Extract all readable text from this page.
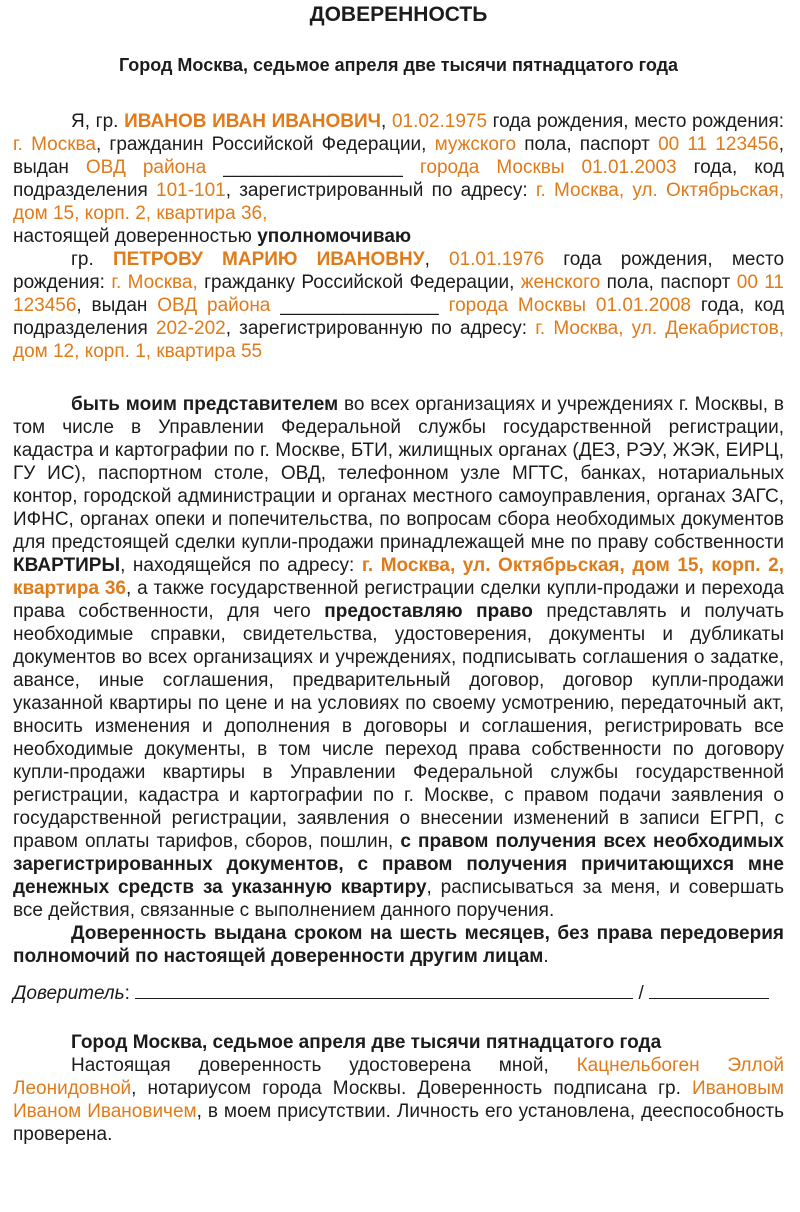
ДОВЕРЕННОСТЬ
Город Москва, седьмое апреля две тысячи пятнадцатого года

Я, гр. ИВАНОВ ИВАН ИВАНОВИЧ, 01.02.1975 года рождения, место рождения: г. Москва, гражданин Российской Федерации, мужского пола, паспорт 00 11 123456, выдан ОВД района _________________ города Москвы 01.01.2003 года, код подразделения 101-101, зарегистрированный по адресу: г. Москва, ул. Октябрьская, дом 15, корп. 2, квартира 36,

настоящей доверенностью уполномочиваю

гр. ПЕТРОВУ МАРИЮ ИВАНОВНУ, 01.01.1976 года рождения, место рождения: г. Москва, гражданку Российской Федерации, женского пола, паспорт 00 11 123456, выдан ОВД района _______________ города Москвы 01.01.2008 года, код подразделения 202-202, зарегистрированную по адресу: г. Москва, ул. Декабристов, дом 12, корп. 1, квартира 55

быть моим представителем во всех организациях и учреждениях г. Москвы, в том числе в Управлении Федеральной службы государственной регистрации, кадастра и картографии по г. Москве, БТИ, жилищных органах (ДЕЗ, РЭУ, ЖЭК, ЕИРЦ, ГУ ИС), паспортном столе, ОВД, телефонном узле МГТС, банках, нотариальных контор, городской администрации и органах местного самоуправления, органах ЗАГС, ИФНС, органах опеки и попечительства, по вопросам сбора необходимых документов для предстоящей сделки купли-продажи принадлежащей мне по праву собственности КВАРТИРЫ, находящейся по адресу: г. Москва, ул. Октябрьская, дом 15, корп. 2, квартира 36, а также государственной регистрации сделки купли-продажи и перехода права собственности, для чего предоставляю право представлять и получать необходимые справки, свидетельства, удостоверения, документы и дубликаты документов во всех организациях и учреждениях, подписывать соглашения о задатке, авансе, иные соглашения, предварительный договор, договор купли-продажи указанной квартиры по цене и на условиях по своему усмотрению, передаточный акт, вносить изменения и дополнения в договоры и соглашения, регистрировать все необходимые документы, в том числе переход права собственности по договору купли-продажи квартиры в Управлении Федеральной службы государственной регистрации, кадастра и картографии по г. Москве, с правом подачи заявления о государственной регистрации, заявления о внесении изменений в записи ЕГРП, с правом оплаты тарифов, сборов, пошлин, с правом получения всех необходимых зарегистрированных документов, с правом получения причитающихся мне денежных средств за указанную квартиру, расписываться за меня, и совершать все действия, связанные с выполнением данного поручения.

Доверенность выдана сроком на шесть месяцев, без права передоверия полномочий по настоящей доверенности другим лицам.

Доверитель:	/

Город Москва, седьмое апреля две тысячи пятнадцатого года

Настоящая доверенность удостоверена мной, Кацнельбоген Эллой Леонидовной, нотариусом города Москвы. Доверенность подписана гр. Ивановым Иваном Ивановичем, в моем присутствии. Личность его установлена, дееспособность проверена.
